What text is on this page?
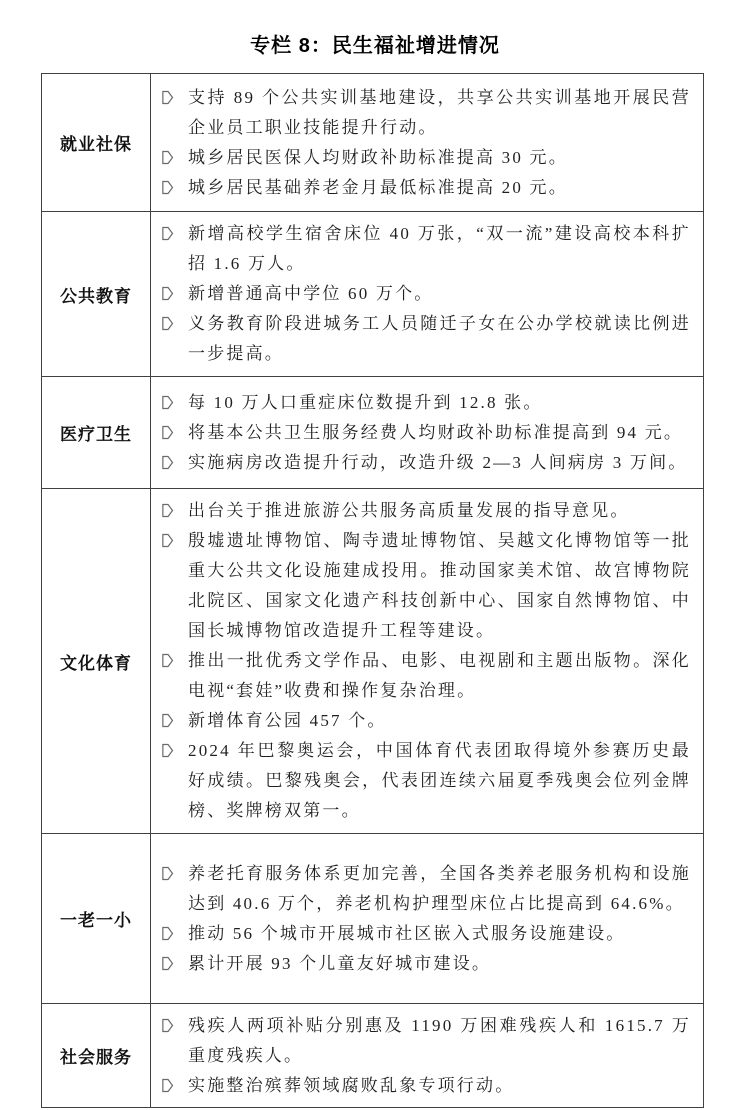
专栏 8：民生福祉增进情况
就业社保	支持 89 个公共实训基地建设，共享公共实训基地开展民营企业员工职业技能提升行动。
城乡居民医保人均财政补助标准提高 30 元。
城乡居民基础养老金月最低标准提高 20 元。

公共教育	新增高校学生宿舍床位 40 万张，“双一流”建设高校本科扩招 1.6 万人。
新增普通高中学位 60 万个。
义务教育阶段进城务工人员随迁子女在公办学校就读比例进一步提高。

医疗卫生	每 10 万人口重症床位数提升到 12.8 张。
将基本公共卫生服务经费人均财政补助标准提高到 94 元。
实施病房改造提升行动，改造升级 2—3 人间病房 3 万间。

文化体育	出台关于推进旅游公共服务高质量发展的指导意见。
殷墟遗址博物馆、陶寺遗址博物馆、吴越文化博物馆等一批重大公共文化设施建成投用。推动国家美术馆、故宫博物院北院区、国家文化遗产科技创新中心、国家自然博物馆、中国长城博物馆改造提升工程等建设。
推出一批优秀文学作品、电影、电视剧和主题出版物。深化电视“套娃”收费和操作复杂治理。
新增体育公园 457 个。
2024 年巴黎奥运会，中国体育代表团取得境外参赛历史最好成绩。巴黎残奥会，代表团连续六届夏季残奥会位列金牌榜、奖牌榜双第一。

一老一小	养老托育服务体系更加完善，全国各类养老服务机构和设施达到 40.6 万个，养老机构护理型床位占比提高到 64.6%。
推动 56 个城市开展城市社区嵌入式服务设施建设。
累计开展 93 个儿童友好城市建设。

社会服务	残疾人两项补贴分别惠及 1190 万困难残疾人和 1615.7 万重度残疾人。
实施整治殡葬领域腐败乱象专项行动。
